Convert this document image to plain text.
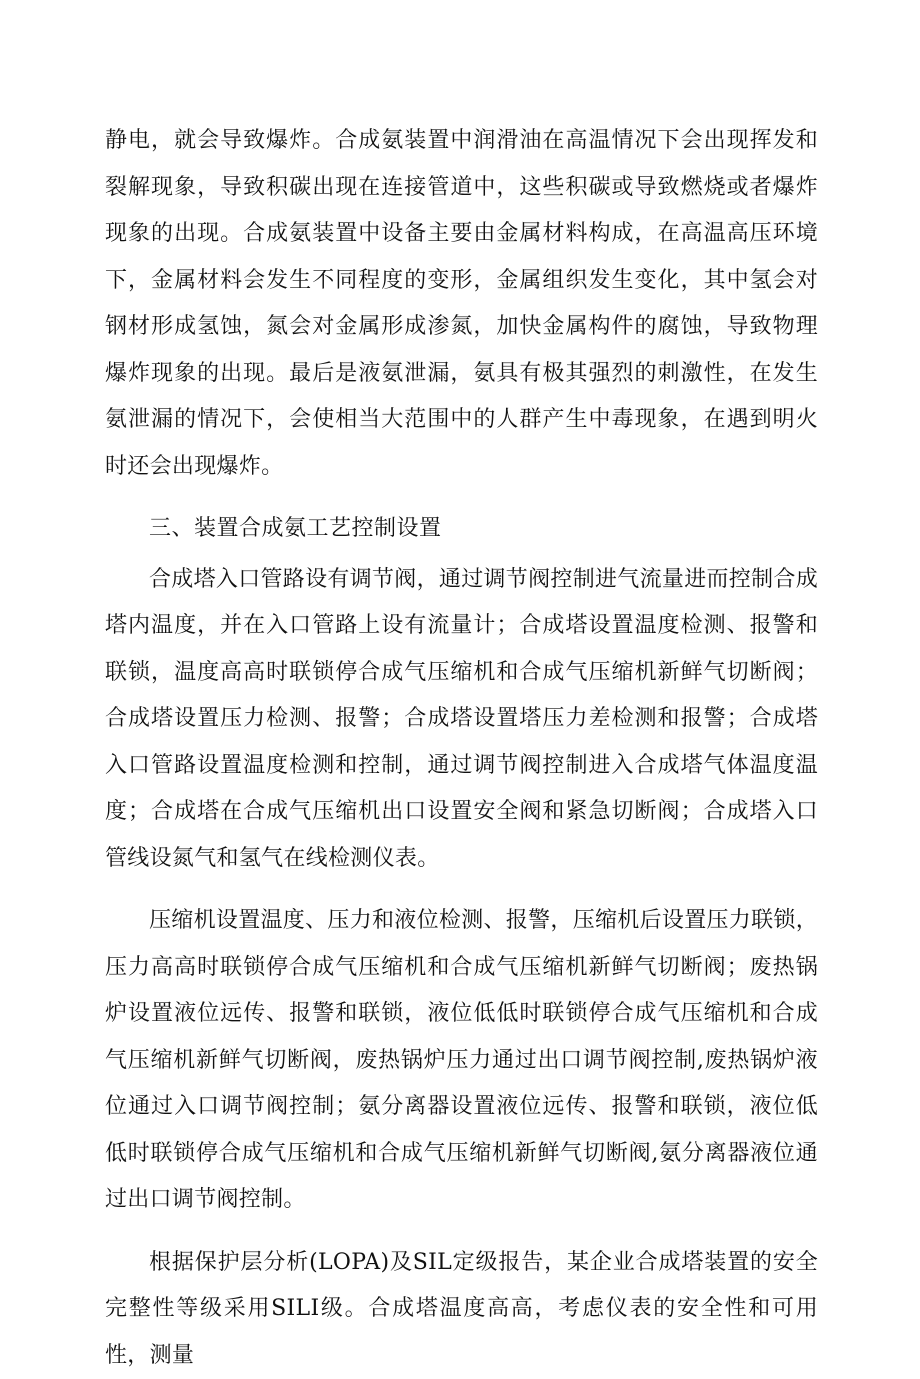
静电，就会导致爆炸。合成氨装置中润滑油在高温情况下会出现挥发和裂解现象，导致积碳出现在连接管道中，这些积碳或导致燃烧或者爆炸现象的出现。合成氨装置中设备主要由金属材料构成，在高温高压环境下，金属材料会发生不同程度的变形，金属组织发生变化，其中氢会对钢材形成氢蚀，氮会对金属形成渗氮，加快金属构件的腐蚀，导致物理爆炸现象的出现。最后是液氨泄漏，氨具有极其强烈的刺激性，在发生氨泄漏的情况下，会使相当大范围中的人群产生中毒现象，在遇到明火时还会出现爆炸。

三、装置合成氨工艺控制设置

合成塔入口管路设有调节阀，通过调节阀控制进气流量进而控制合成塔内温度，并在入口管路上设有流量计；合成塔设置温度检测、报警和联锁，温度高高时联锁停合成气压缩机和合成气压缩机新鲜气切断阀；合成塔设置压力检测、报警；合成塔设置塔压力差检测和报警；合成塔入口管路设置温度检测和控制，通过调节阀控制进入合成塔气体温度温度；合成塔在合成气压缩机出口设置安全阀和紧急切断阀；合成塔入口管线设氮气和氢气在线检测仪表。

压缩机设置温度、压力和液位检测、报警，压缩机后设置压力联锁，压力高高时联锁停合成气压缩机和合成气压缩机新鲜气切断阀；废热锅炉设置液位远传、报警和联锁，液位低低时联锁停合成气压缩机和合成气压缩机新鲜气切断阀，废热锅炉压力通过出口调节阀控制,废热锅炉液位通过入口调节阀控制；氨分离器设置液位远传、报警和联锁，液位低低时联锁停合成气压缩机和合成气压缩机新鲜气切断阀,氨分离器液位通过出口调节阀控制。

根据保护层分析(LOPA)及SIL定级报告，某企业合成塔装置的安全完整性等级采用SILI级。合成塔温度高高，考虑仪表的安全性和可用性，测量
